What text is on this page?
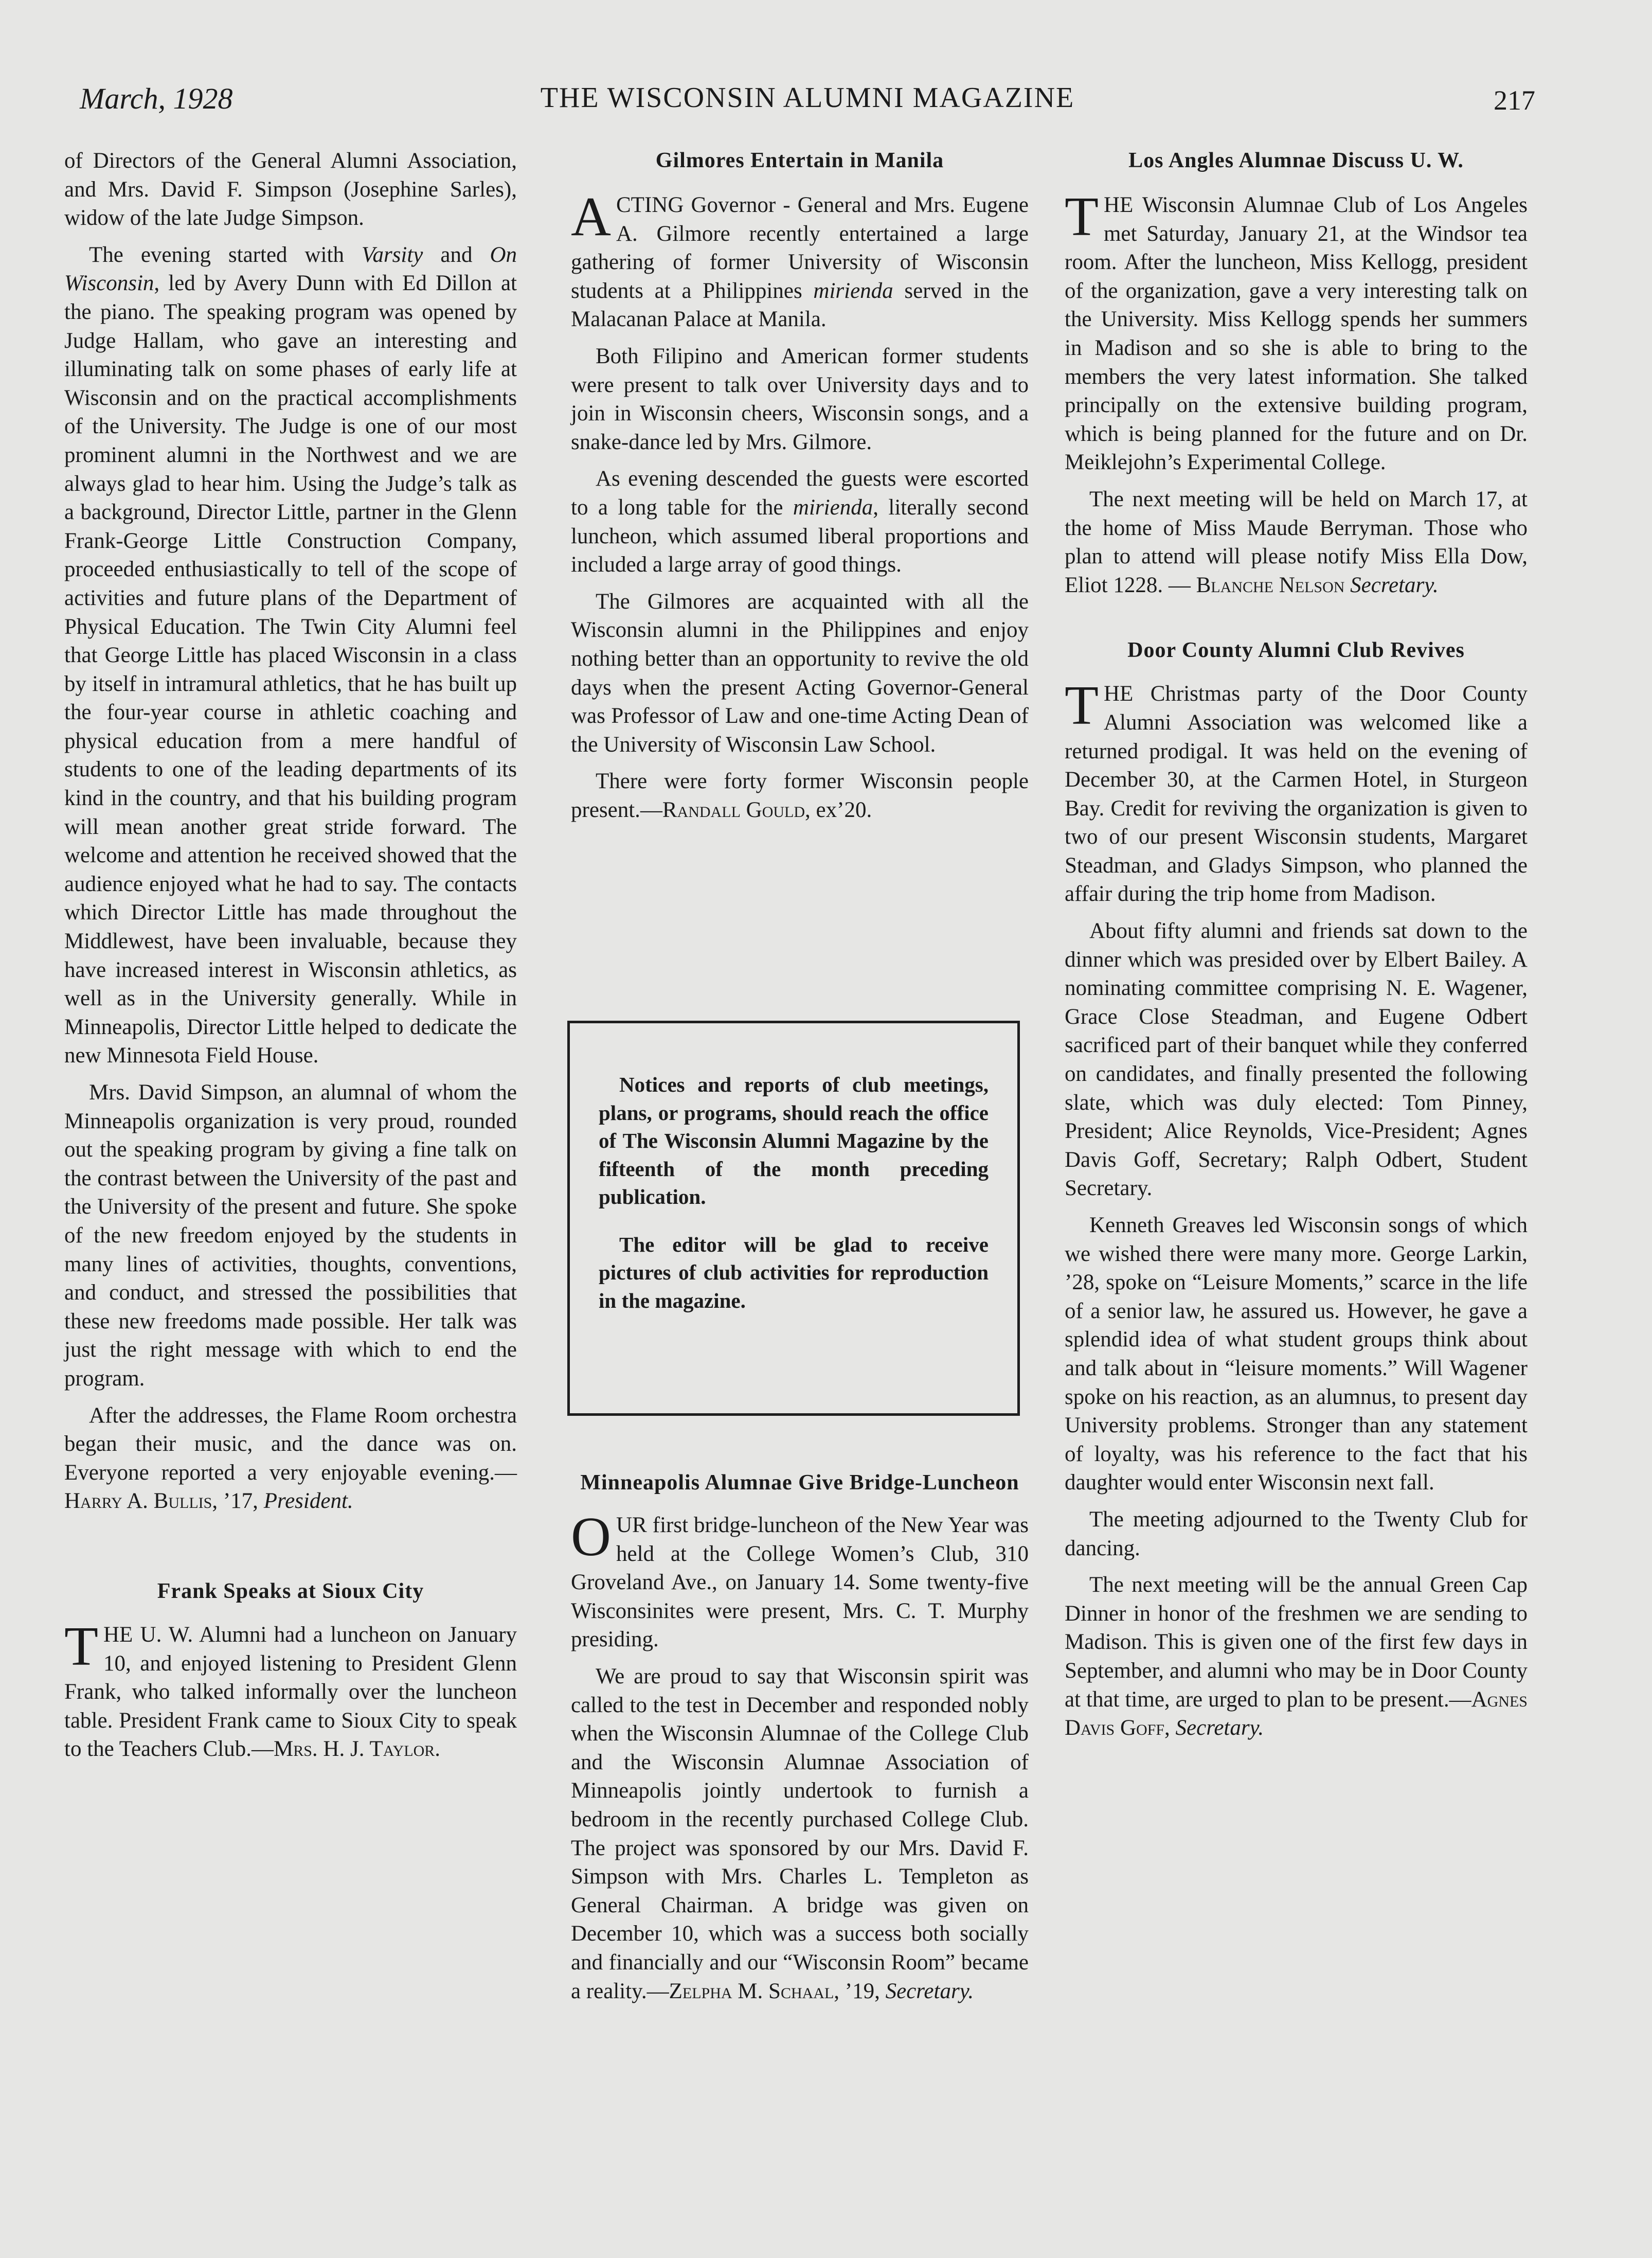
March, 1928	THE WISCONSIN ALUMNI MAGAZINE	217

of Directors of the General Alumni Association, and Mrs. David F. Simpson (Josephine Sarles), widow of the late Judge Simpson.

The evening started with Varsity and On Wisconsin, led by Avery Dunn with Ed Dillon at the piano. The speaking program was opened by Judge Hallam, who gave an interesting and illuminating talk on some phases of early life at Wisconsin and on the practical accomplishments of the University. The Judge is one of our most prominent alumni in the Northwest and we are always glad to hear him. Using the Judge’s talk as a background, Director Little, partner in the Glenn Frank-George Little Construction Company, proceeded enthusiastically to tell of the scope of activities and future plans of the Department of Physical Education. The Twin City Alumni feel that George Little has placed Wisconsin in a class by itself in intramural athletics, that he has built up the four-year course in athletic coaching and physical education from a mere handful of students to one of the leading departments of its kind in the country, and that his building program will mean another great stride forward. The welcome and attention he received showed that the audience enjoyed what he had to say. The contacts which Director Little has made throughout the Middlewest, have been invaluable, because they have increased interest in Wisconsin athletics, as well as in the University generally. While in Minneapolis, Director Little helped to dedicate the new Minnesota Field House.

Mrs. David Simpson, an alumnal of whom the Minneapolis organization is very proud, rounded out the speaking program by giving a fine talk on the contrast between the University of the past and the University of the present and future. She spoke of the new freedom enjoyed by the students in many lines of activities, thoughts, conventions, and conduct, and stressed the possibilities that these new freedoms made possible. Her talk was just the right message with which to end the program.

After the addresses, the Flame Room orchestra began their music, and the dance was on. Everyone reported a very enjoyable evening.—Harry A. Bullis, ’17, President.

Frank Speaks at Sioux City

THE U. W. Alumni had a luncheon on January 10, and enjoyed listening to President Glenn Frank, who talked informally over the luncheon table. President Frank came to Sioux City to speak to the Teachers Club.—Mrs. H. J. Taylor.

Gilmores Entertain in Manila

ACTING Governor - General and Mrs. Eugene A. Gilmore recently entertained a large gathering of former University of Wisconsin students at a Philippines mirienda served in the Malacanan Palace at Manila.

Both Filipino and American former students were present to talk over University days and to join in Wisconsin cheers, Wisconsin songs, and a snake-dance led by Mrs. Gilmore.

As evening descended the guests were escorted to a long table for the mirienda, literally second luncheon, which assumed liberal proportions and included a large array of good things.

The Gilmores are acquainted with all the Wisconsin alumni in the Philippines and enjoy nothing better than an opportunity to revive the old days when the present Acting Governor-General was Professor of Law and one-time Acting Dean of the University of Wisconsin Law School.

There were forty former Wisconsin people present.—Randall Gould, ex’20.

Notices and reports of club meetings, plans, or programs, should reach the office of The Wisconsin Alumni Magazine by the fifteenth of the month preceding publication.

The editor will be glad to receive pictures of club activities for reproduction in the magazine.

Minneapolis Alumnae Give Bridge-Luncheon

OUR first bridge-luncheon of the New Year was held at the College Women’s Club, 310 Groveland Ave., on January 14. Some twenty-five Wisconsinites were present, Mrs. C. T. Murphy presiding.

We are proud to say that Wisconsin spirit was called to the test in December and responded nobly when the Wisconsin Alumnae of the College Club and the Wisconsin Alumnae Association of Minneapolis jointly undertook to furnish a bedroom in the recently purchased College Club. The project was sponsored by our Mrs. David F. Simpson with Mrs. Charles L. Templeton as General Chairman. A bridge was given on December 10, which was a success both socially and financially and our “Wisconsin Room” became a reality.—Zelpha M. Schaal, ’19, Secretary.

Los Angles Alumnae Discuss U. W.

THE Wisconsin Alumnae Club of Los Angeles met Saturday, January 21, at the Windsor tea room. After the luncheon, Miss Kellogg, president of the organization, gave a very interesting talk on the University. Miss Kellogg spends her summers in Madison and so she is able to bring to the members the very latest information. She talked principally on the extensive building program, which is being planned for the future and on Dr. Meiklejohn’s Experimental College.

The next meeting will be held on March 17, at the home of Miss Maude Berryman. Those who plan to attend will please notify Miss Ella Dow, Eliot 1228. — Blanche Nelson Secretary.

Door County Alumni Club Revives

THE Christmas party of the Door County Alumni Association was welcomed like a returned prodigal. It was held on the evening of December 30, at the Carmen Hotel, in Sturgeon Bay. Credit for reviving the organization is given to two of our present Wisconsin students, Margaret Steadman, and Gladys Simpson, who planned the affair during the trip home from Madison.

About fifty alumni and friends sat down to the dinner which was presided over by Elbert Bailey. A nominating committee comprising N. E. Wagener, Grace Close Steadman, and Eugene Odbert sacrificed part of their banquet while they conferred on candidates, and finally presented the following slate, which was duly elected: Tom Pinney, President; Alice Reynolds, Vice-President; Agnes Davis Goff, Secretary; Ralph Odbert, Student Secretary.

Kenneth Greaves led Wisconsin songs of which we wished there were many more. George Larkin, ’28, spoke on “Leisure Moments,” scarce in the life of a senior law, he assured us. However, he gave a splendid idea of what student groups think about and talk about in “leisure moments.” Will Wagener spoke on his reaction, as an alumnus, to present day University problems. Stronger than any statement of loyalty, was his reference to the fact that his daughter would enter Wisconsin next fall.

The meeting adjourned to the Twenty Club for dancing.

The next meeting will be the annual Green Cap Dinner in honor of the freshmen we are sending to Madison. This is given one of the first few days in September, and alumni who may be in Door County at that time, are urged to plan to be present.—Agnes Davis Goff, Secretary.
